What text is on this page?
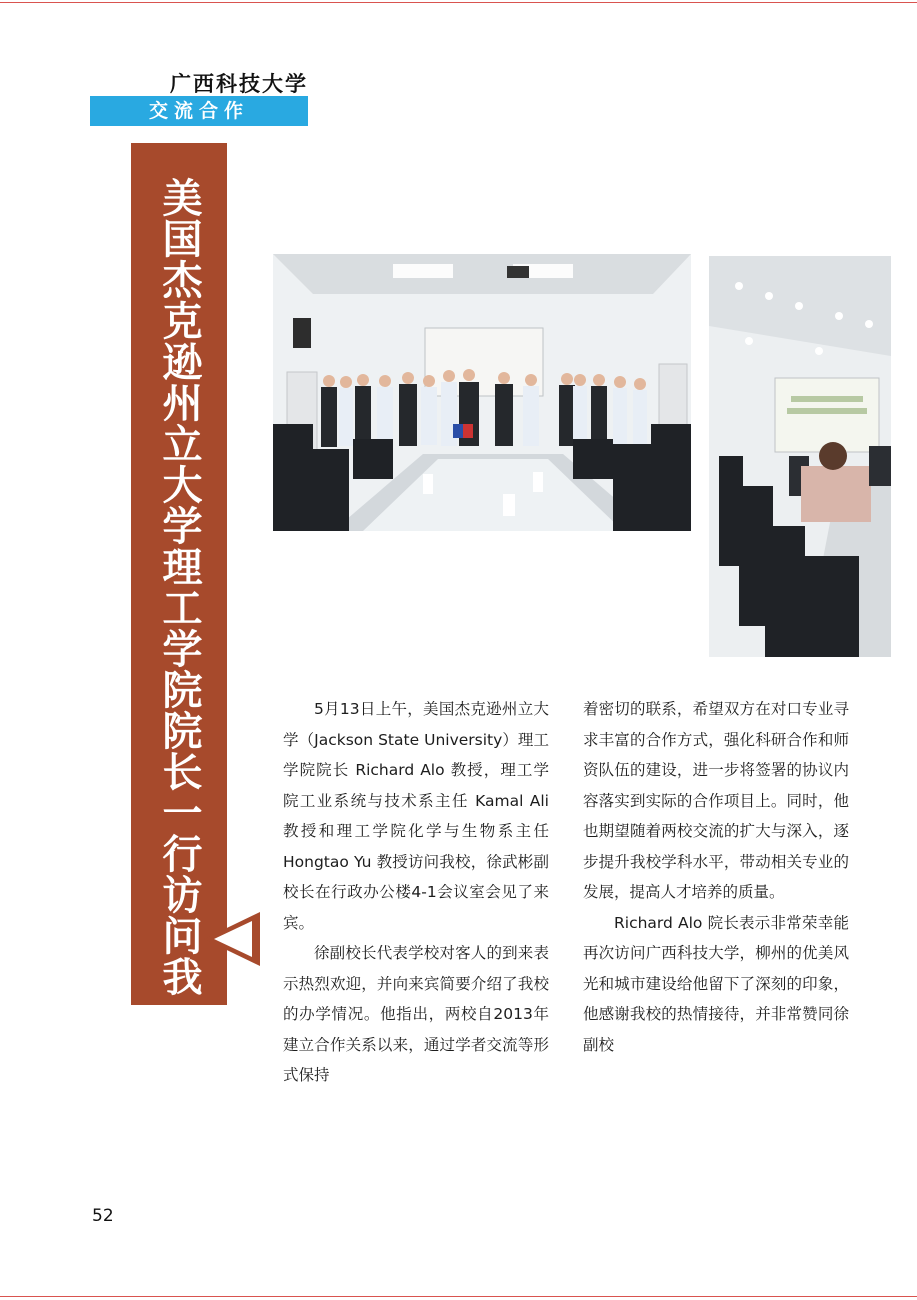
广西科技大学
交流合作
美国杰克逊州立大学理工学院院长一行访问我校

5月13日上午，美国杰克逊州立大学（Jackson State University）理工学院院长 Richard Alo 教授，理工学院工业系统与技术系主任 Kamal Ali 教授和理工学院化学与生物系主任 Hongtao Yu 教授访问我校，徐武彬副校长在行政办公楼4-1会议室会见了来宾。

徐副校长代表学校对客人的到来表示热烈欢迎，并向来宾简要介绍了我校的办学情况。他指出，两校自2013年建立合作关系以来，通过学者交流等形式保持

着密切的联系，希望双方在对口专业寻求丰富的合作方式，强化科研合作和师资队伍的建设，进一步将签署的协议内容落实到实际的合作项目上。同时，他也期望随着两校交流的扩大与深入，逐步提升我校学科水平，带动相关专业的发展，提高人才培养的质量。

Richard Alo 院长表示非常荣幸能再次访问广西科技大学，柳州的优美风光和城市建设给他留下了深刻的印象，他感谢我校的热情接待，并非常赞同徐副校

52
